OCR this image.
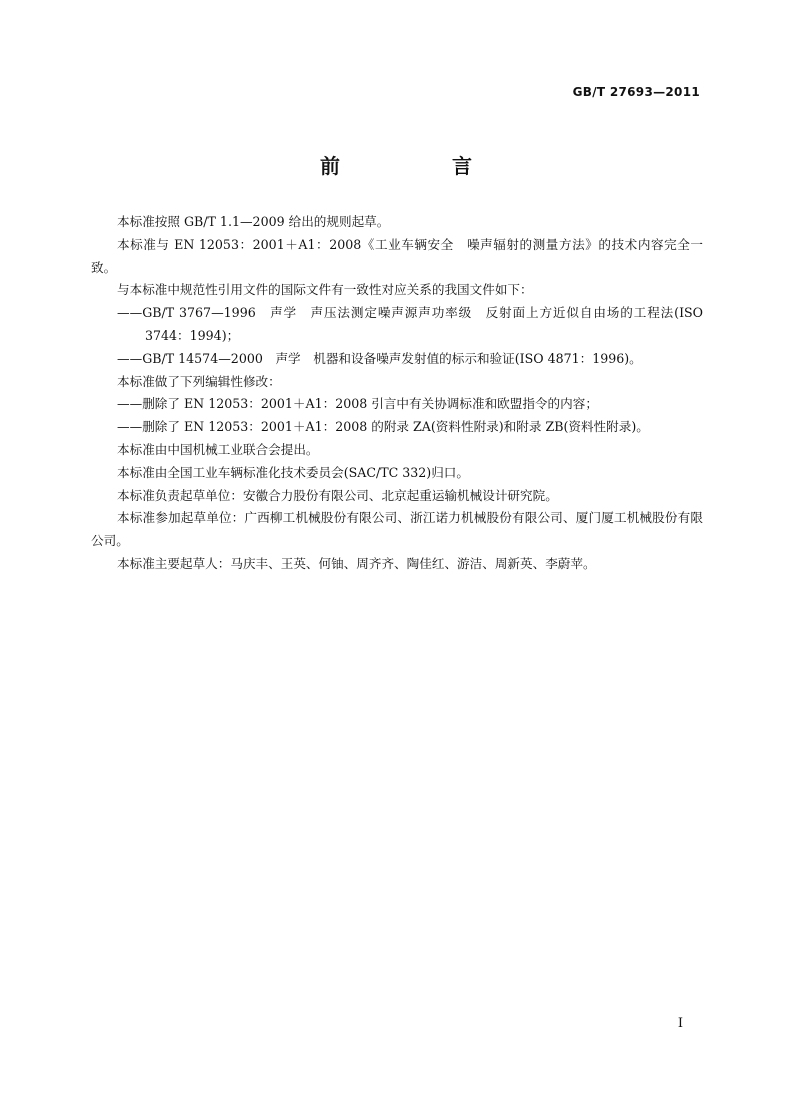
GB/T 27693—2011
前　言

本标准按照 GB/T 1.1—2009 给出的规则起草。

本标准与 EN 12053：2001＋A1：2008《工业车辆安全　噪声辐射的测量方法》的技术内容完全一致。

与本标准中规范性引用文件的国际文件有一致性对应关系的我国文件如下：

——GB/T 3767—1996　声学　声压法测定噪声源声功率级　反射面上方近似自由场的工程法(ISO 3744：1994)；

——GB/T 14574—2000　声学　机器和设备噪声发射值的标示和验证(ISO 4871：1996)。

本标准做了下列编辑性修改：

——删除了 EN 12053：2001＋A1：2008 引言中有关协调标准和欧盟指令的内容；

——删除了 EN 12053：2001＋A1：2008 的附录 ZA(资料性附录)和附录 ZB(资料性附录)。

本标准由中国机械工业联合会提出。

本标准由全国工业车辆标准化技术委员会(SAC/TC 332)归口。

本标准负责起草单位：安徽合力股份有限公司、北京起重运输机械设计研究院。

本标准参加起草单位：广西柳工机械股份有限公司、浙江诺力机械股份有限公司、厦门厦工机械股份有限公司。

本标准主要起草人：马庆丰、王英、何铀、周齐齐、陶佳红、游洁、周新英、李蔚苹。

I
